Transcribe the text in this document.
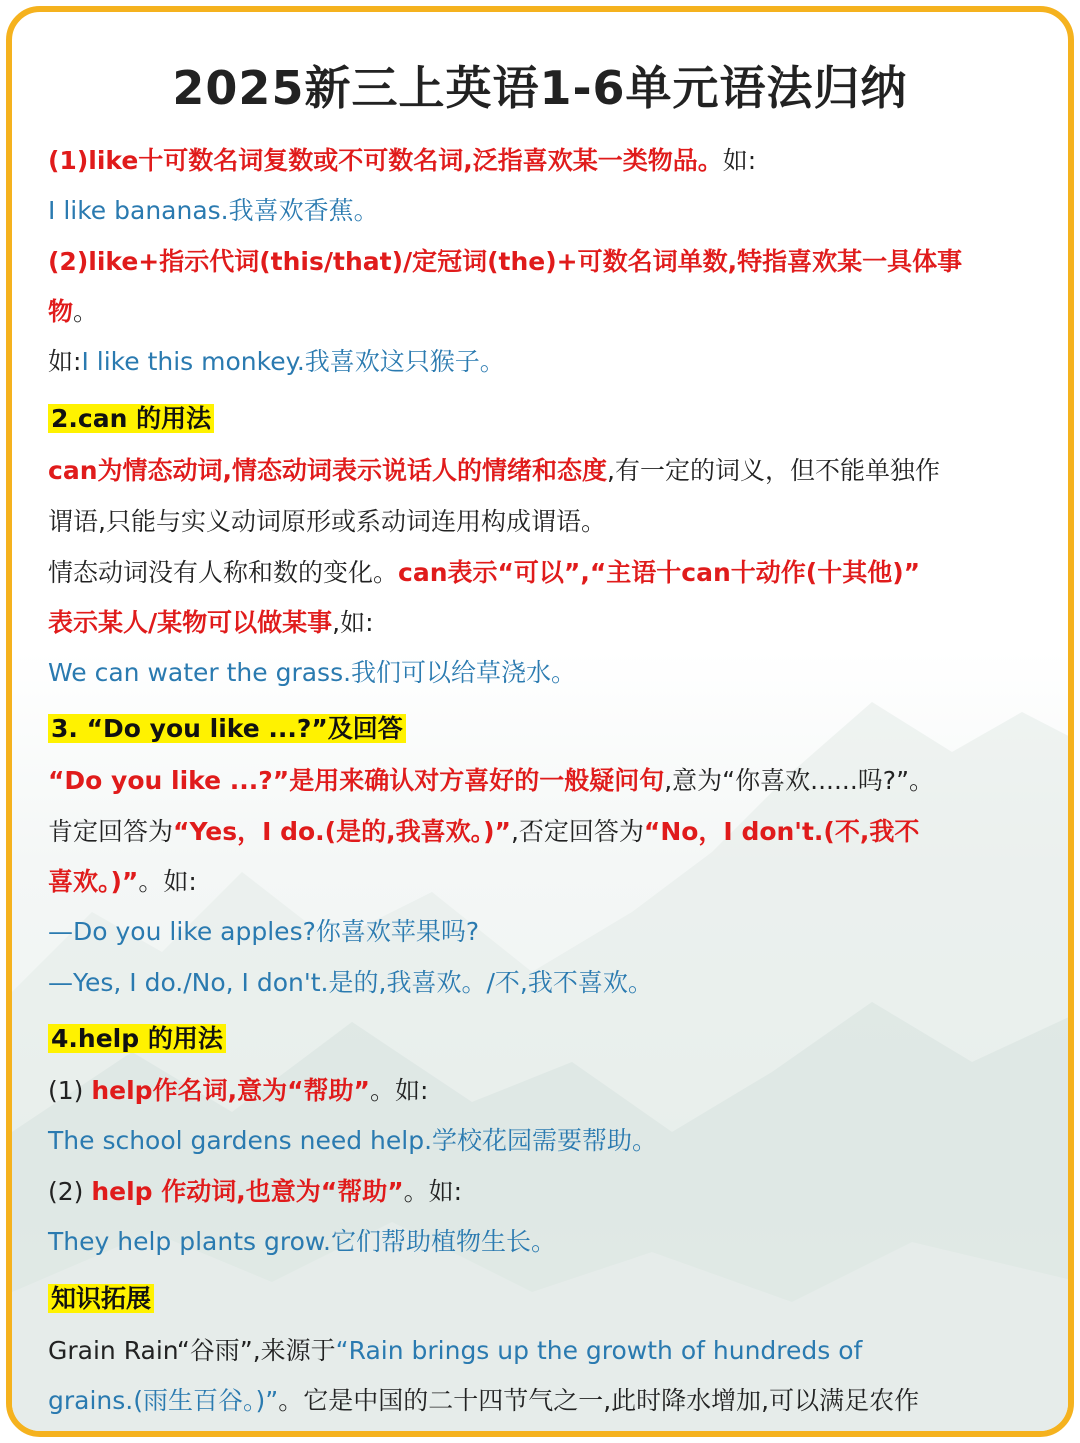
2025新三上英语1-6单元语法归纳
(1)like十可数名词复数或不可数名词,泛指喜欢某一类物品。如:
I like bananas.我喜欢香蕉。
(2)like+指示代词(this/that)/定冠词(the)+可数名词单数,特指喜欢某一具体事
物。
如:I like this monkey.我喜欢这只猴子。
2.can 的用法
can为情态动词,情态动词表示说话人的情绪和态度,有一定的词义，但不能单独作
谓语,只能与实义动词原形或系动词连用构成谓语。
情态动词没有人称和数的变化。can表示“可以”,“主语十can十动作(十其他)”
表示某人/某物可以做某事,如:
We can water the grass.我们可以给草浇水。
3. “Do you like ...?”及回答
“Do you like ...?”是用来确认对方喜好的一般疑问句,意为“你喜欢......吗?”。
肯定回答为“Yes，I do.(是的,我喜欢。)”,否定回答为“No，I don't.(不,我不
喜欢。)”。如:
—Do you like apples?你喜欢苹果吗?
—Yes, I do./No, I don't.是的,我喜欢。/不,我不喜欢。
4.help 的用法
(1) help作名词,意为“帮助”。如:
The school gardens need help.学校花园需要帮助。
(2) help 作动词,也意为“帮助”。如:
They help plants grow.它们帮助植物生长。
知识拓展
Grain Rain“谷雨”,来源于“Rain brings up the growth of hundreds of
grains.(雨生百谷。)”。它是中国的二十四节气之一,此时降水增加,可以满足农作
